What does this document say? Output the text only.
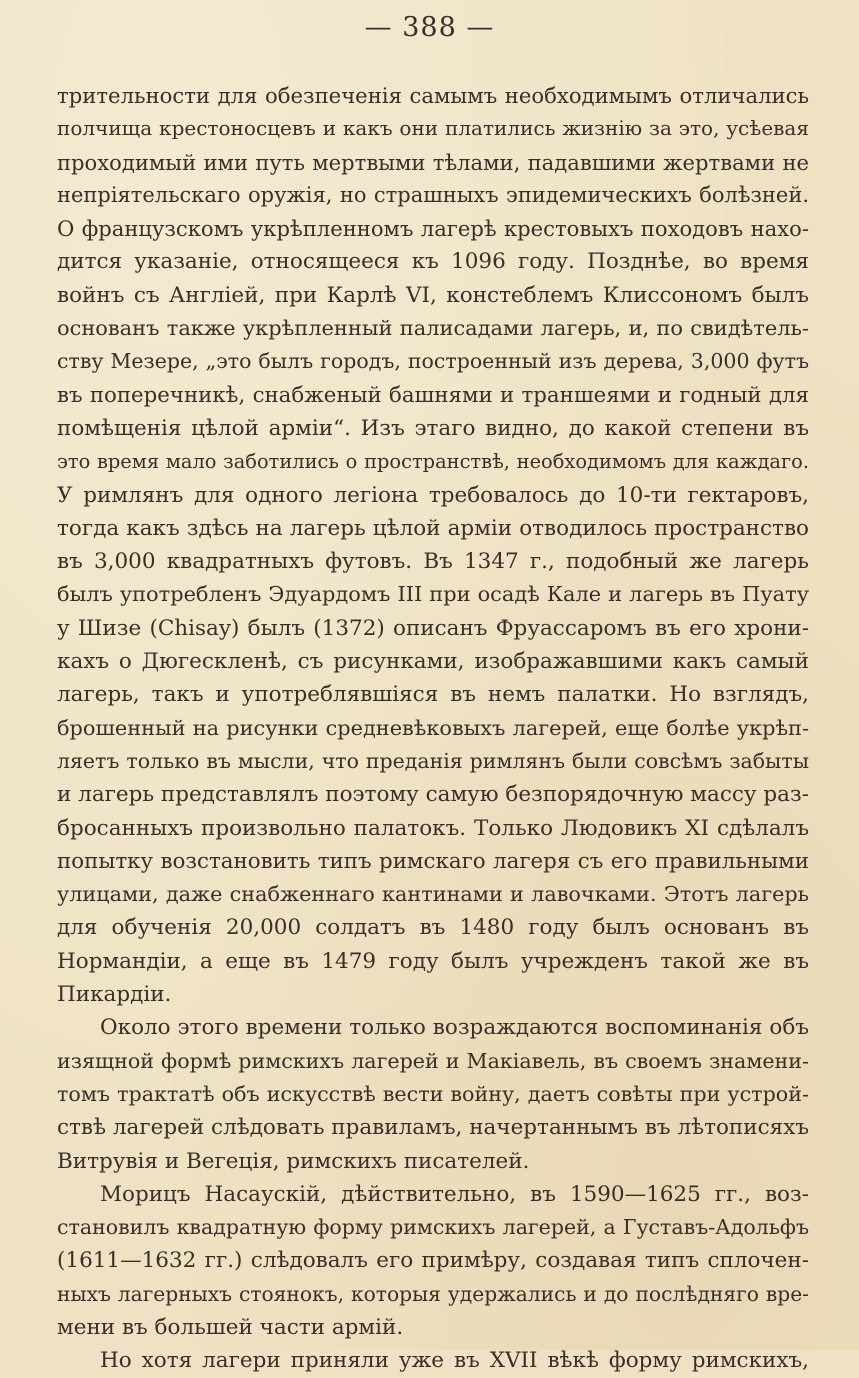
— 388 —
трительности для обезпеченія самымъ необходимымъ отличались
полчища крестоносцевъ и какъ они платились жизнію за это, усѣевая
проходимый ими путь мертвыми тѣлами, падавшими жертвами не
непріятельскаго оружія, но страшныхъ эпидемическихъ болѣзней.
О французскомъ укрѣпленномъ лагерѣ крестовыхъ походовъ нахо-
дится указаніе, относящееся къ 1096 году. Позднѣе, во время
войнъ съ Англіей, при Карлѣ VI, констеблемъ Клиссономъ былъ
основанъ также укрѣпленный палисадами лагерь, и, по свидѣтель-
ству Мезере, „это былъ городъ, построенный изъ дерева, 3,000 футъ
въ поперечникѣ, снабженый башнями и траншеями и годный для
помѣщенія цѣлой арміи“. Изъ этаго видно, до какой степени въ
это время мало заботились о пространствѣ, необходимомъ для каждаго.
У римлянъ для одного легіона требовалось до 10-ти гектаровъ,
тогда какъ здѣсь на лагерь цѣлой арміи отводилось пространство
въ 3,000 квадратныхъ футовъ. Въ 1347 г., подобный же лагерь
былъ употребленъ Эдуардомъ III при осадѣ Кале и лагерь въ Пуату
у Шизе (Chisay) былъ (1372) описанъ Фруассаромъ въ его хрони-
кахъ о Дюгескленѣ, съ рисунками, изображавшими какъ самый
лагерь, такъ и употреблявшіяся въ немъ палатки. Но взглядъ,
брошенный на рисунки средневѣковыхъ лагерей, еще болѣе укрѣп-
ляетъ только въ мысли, что преданія римлянъ были совсѣмъ забыты
и лагерь представлялъ поэтому самую безпорядочную массу раз-
бросанныхъ произвольно палатокъ. Только Людовикъ XI сдѣлалъ
попытку возстановить типъ римскаго лагеря съ его правильными
улицами, даже снабженнаго кантинами и лавочками. Этотъ лагерь
для обученія 20,000 солдатъ въ 1480 году былъ основанъ въ
Нормандіи, а еще въ 1479 году былъ учрежденъ такой же въ
Пикардіи.
Около этого времени только возраждаются воспоминанія объ
изящной формѣ римскихъ лагерей и Макіавель, въ своемъ знамени-
томъ трактатѣ объ искусствѣ вести войну, даетъ совѣты при устрой-
ствѣ лагерей слѣдовать правиламъ, начертаннымъ въ лѣтописяхъ
Витрувія и Вегеція, римскихъ писателей.
Морицъ Насаускій, дѣйствительно, въ 1590—1625 гг., воз-
становилъ квадратную форму римскихъ лагерей, а Густавъ-Адольфъ
(1611—1632 гг.) слѣдовалъ его примѣру, создавая типъ сплочен-
ныхъ лагерныхъ стоянокъ, которыя удержались и до послѣдняго вре-
мени въ большей части армій.
Но хотя лагери приняли уже въ XVII вѣкѣ форму римскихъ,
